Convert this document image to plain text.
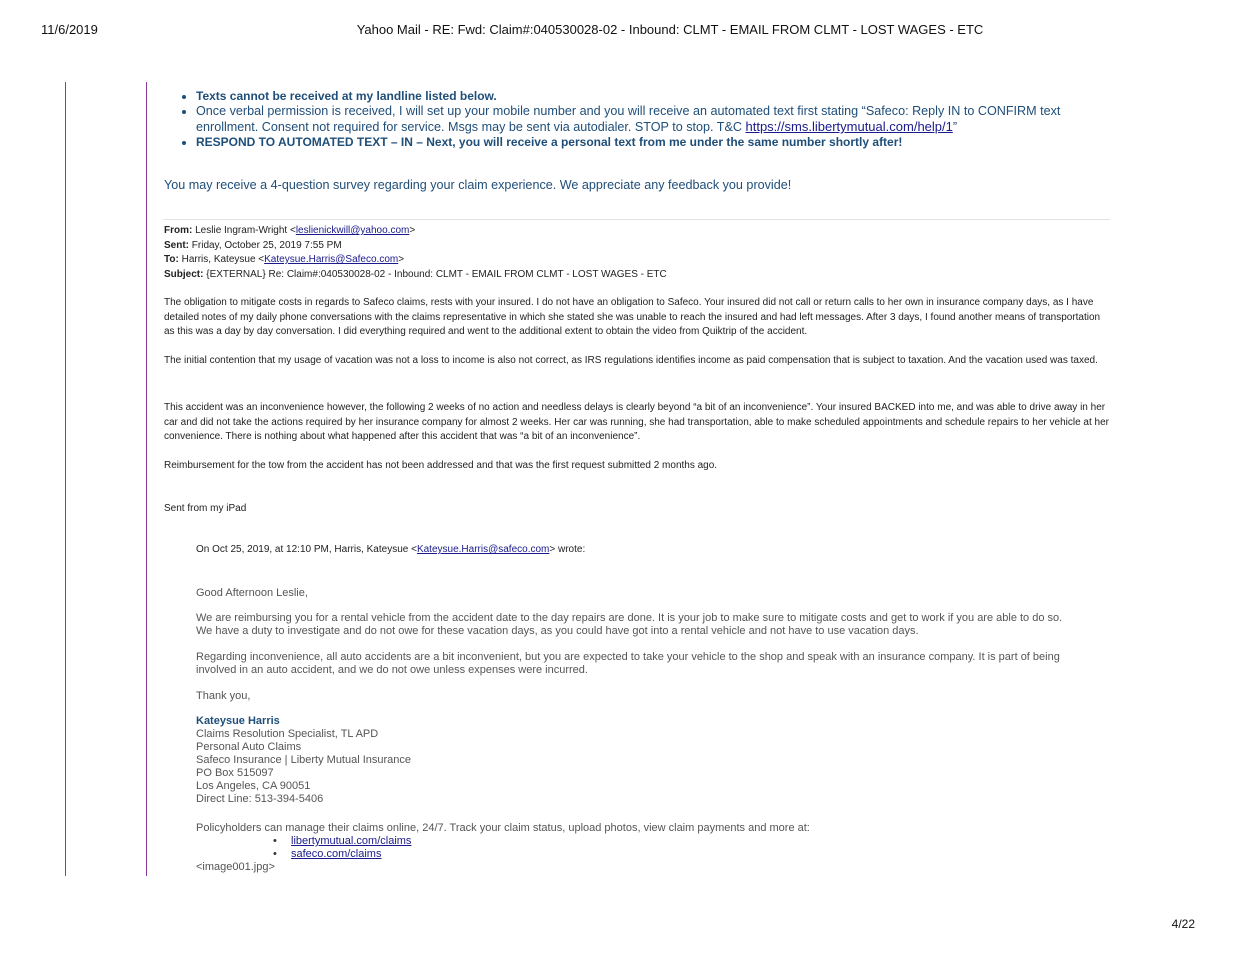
11/6/2019	Yahoo Mail - RE: Fwd: Claim#:040530028-02 - Inbound: CLMT - EMAIL FROM CLMT - LOST WAGES - ETC
• Texts cannot be received at my landline listed below.
• Once verbal permission is received, I will set up your mobile number and you will receive an automated text first stating “Safeco: Reply IN to CONFIRM text enrollment. Consent not required for service. Msgs may be sent via autodialer. STOP to stop. T&C https://sms.libertymutual.com/help/1”
• RESPOND TO AUTOMATED TEXT – IN – Next, you will receive a personal text from me under the same number shortly after!
You may receive a 4-question survey regarding your claim experience. We appreciate any feedback you provide!
From: Leslie Ingram-Wright <leslienickwill@yahoo.com>
Sent: Friday, October 25, 2019 7:55 PM
To: Harris, Kateysue <Kateysue.Harris@Safeco.com>
Subject: {EXTERNAL} Re: Claim#:040530028-02 - Inbound: CLMT - EMAIL FROM CLMT - LOST WAGES - ETC

The obligation to mitigate costs in regards to Safeco claims, rests with your insured. I do not have an obligation to Safeco. Your insured did not call or return calls to her own in insurance company days, as I have detailed notes of my daily phone conversations with the claims representative in which she stated she was unable to reach the insured and had left messages. After 3 days, I found another means of transportation as this was a day by day conversation. I did everything required and went to the additional extent to obtain the video from Quiktrip of the accident.

The initial contention that my usage of vacation was not a loss to income is also not correct, as IRS regulations identifies income as paid compensation that is subject to taxation. And the vacation used was taxed.

This accident was an inconvenience however, the following 2 weeks of no action and needless delays is clearly beyond “a bit of an inconvenience”. Your insured BACKED into me, and was able to drive away in her car and did not take the actions required by her insurance company for almost 2 weeks. Her car was running, she had transportation, able to make scheduled appointments and schedule repairs to her vehicle at her convenience. There is nothing about what happened after this accident that was “a bit of an inconvenience”.

Reimbursement for the tow from the accident has not been addressed and that was the first request submitted 2 months ago.

Sent from my iPad

On Oct 25, 2019, at 12:10 PM, Harris, Kateysue <Kateysue.Harris@safeco.com> wrote:

Good Afternoon Leslie,

We are reimbursing you for a rental vehicle from the accident date to the day repairs are done. It is your job to make sure to mitigate costs and get to work if you are able to do so. We have a duty to investigate and do not owe for these vacation days, as you could have got into a rental vehicle and not have to use vacation days.

Regarding inconvenience, all auto accidents are a bit inconvenient, but you are expected to take your vehicle to the shop and speak with an insurance company. It is part of being involved in an auto accident, and we do not owe unless expenses were incurred.

Thank you,

Kateysue Harris
Claims Resolution Specialist, TL APD
Personal Auto Claims
Safeco Insurance | Liberty Mutual Insurance
PO Box 515097
Los Angeles, CA 90051
Direct Line: 513-394-5406

Policyholders can manage their claims online, 24/7. Track your claim status, upload photos, view claim payments and more at:

• libertymutual.com/claims
• safeco.com/claims
<image001.jpg>
4/22
